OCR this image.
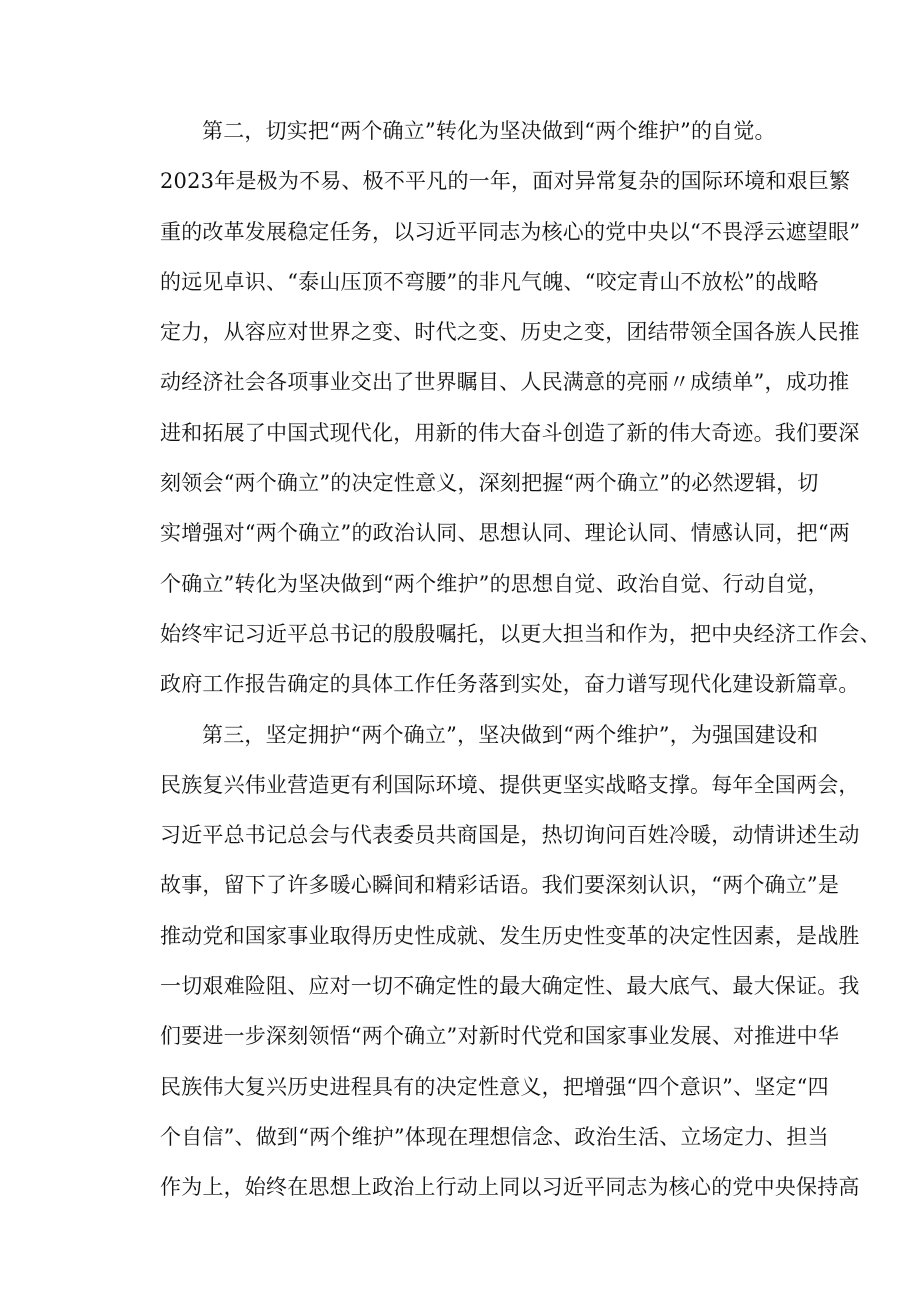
第二，切实把“两个确立”转化为坚决做到“两个维护”的自觉。
2023年是极为不易、极不平凡的一年，面对异常复杂的国际环境和艰巨繁
重的改革发展稳定任务，以习近平同志为核心的党中央以“不畏浮云遮望眼”
的远见卓识、“泰山压顶不弯腰”的非凡气魄、“咬定青山不放松”的战略
定力，从容应对世界之变、时代之变、历史之变，团结带领全国各族人民推
动经济社会各项事业交出了世界瞩目、人民满意的亮丽〃成绩单”，成功推
进和拓展了中国式现代化，用新的伟大奋斗创造了新的伟大奇迹。我们要深
刻领会“两个确立”的决定性意义，深刻把握“两个确立”的必然逻辑，切
实增强对“两个确立”的政治认同、思想认同、理论认同、情感认同，把“两
个确立”转化为坚决做到“两个维护”的思想自觉、政治自觉、行动自觉，
始终牢记习近平总书记的殷殷嘱托，以更大担当和作为，把中央经济工作会、
政府工作报告确定的具体工作任务落到实处，奋力谱写现代化建设新篇章。
第三，坚定拥护“两个确立”，坚决做到“两个维护”，为强国建设和
民族复兴伟业营造更有利国际环境、提供更坚实战略支撑。每年全国两会，
习近平总书记总会与代表委员共商国是，热切询问百姓冷暖，动情讲述生动
故事，留下了许多暖心瞬间和精彩话语。我们要深刻认识，“两个确立”是
推动党和国家事业取得历史性成就、发生历史性变革的决定性因素，是战胜
一切艰难险阻、应对一切不确定性的最大确定性、最大底气、最大保证。我
们要进一步深刻领悟“两个确立”对新时代党和国家事业发展、对推进中华
民族伟大复兴历史进程具有的决定性意义，把增强“四个意识”、坚定“四
个自信”、做到“两个维护”体现在理想信念、政治生活、立场定力、担当
作为上，始终在思想上政治上行动上同以习近平同志为核心的党中央保持高
